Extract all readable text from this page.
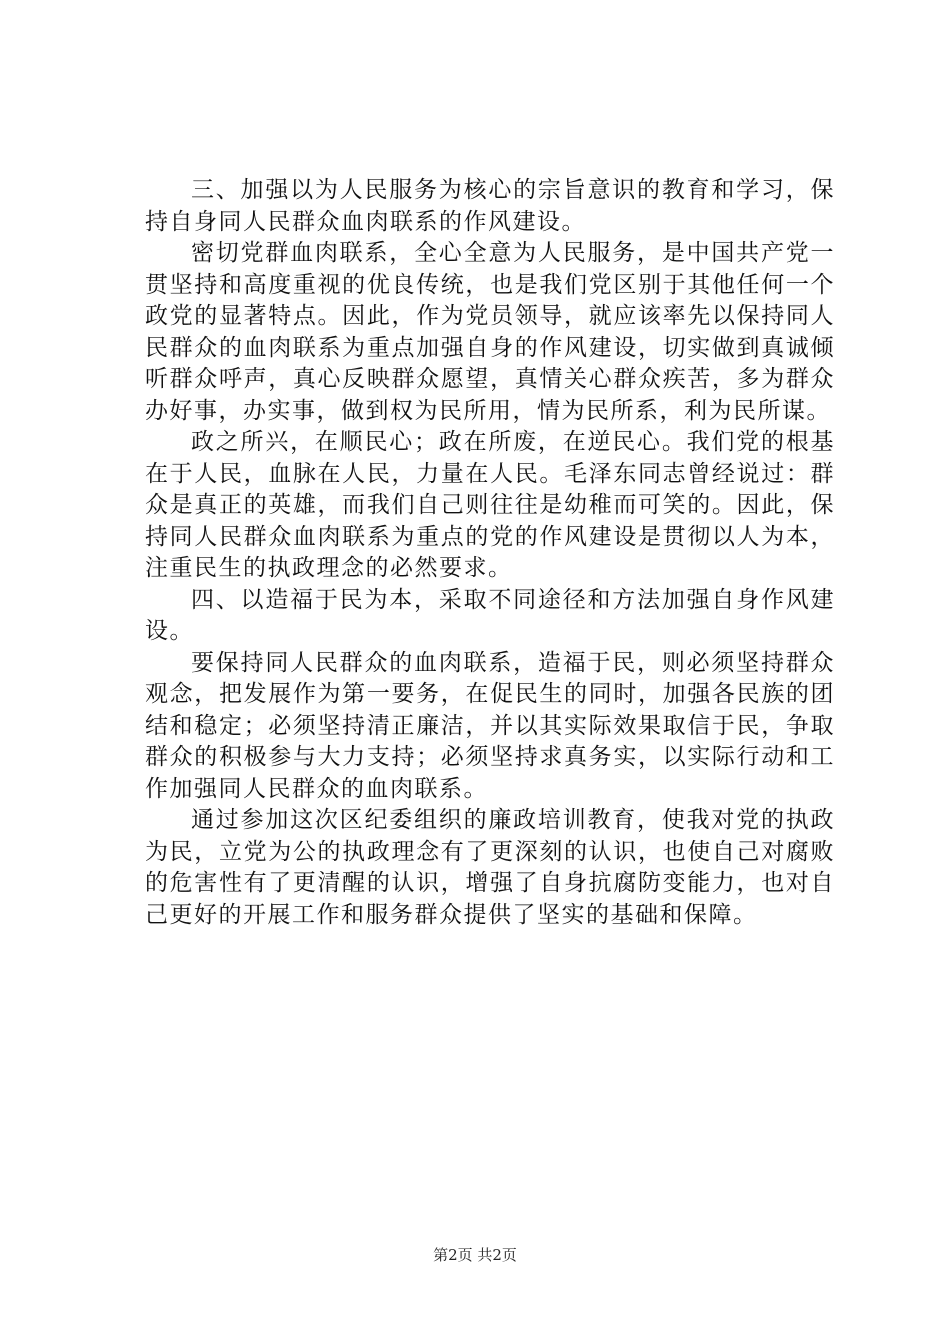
三、加强以为人民服务为核心的宗旨意识的教育和学习，保持自身同人民群众血肉联系的作风建设。

密切党群血肉联系，全心全意为人民服务，是中国共产党一贯坚持和高度重视的优良传统，也是我们党区别于其他任何一个政党的显著特点。因此，作为党员领导，就应该率先以保持同人民群众的血肉联系为重点加强自身的作风建设，切实做到真诚倾听群众呼声，真心反映群众愿望，真情关心群众疾苦，多为群众办好事，办实事，做到权为民所用，情为民所系，利为民所谋。

政之所兴，在顺民心；政在所废，在逆民心。我们党的根基在于人民，血脉在人民，力量在人民。毛泽东同志曾经说过：群众是真正的英雄，而我们自己则往往是幼稚而可笑的。因此，保持同人民群众血肉联系为重点的党的作风建设是贯彻以人为本，注重民生的执政理念的必然要求。

四、以造福于民为本，采取不同途径和方法加强自身作风建设。

要保持同人民群众的血肉联系，造福于民，则必须坚持群众观念，把发展作为第一要务，在促民生的同时，加强各民族的团结和稳定；必须坚持清正廉洁，并以其实际效果取信于民，争取群众的积极参与大力支持；必须坚持求真务实，以实际行动和工作加强同人民群众的血肉联系。

通过参加这次区纪委组织的廉政培训教育，使我对党的执政为民，立党为公的执政理念有了更深刻的认识，也使自己对腐败的危害性有了更清醒的认识，增强了自身抗腐防变能力，也对自己更好的开展工作和服务群众提供了坚实的基础和保障。

第2页 共2页
